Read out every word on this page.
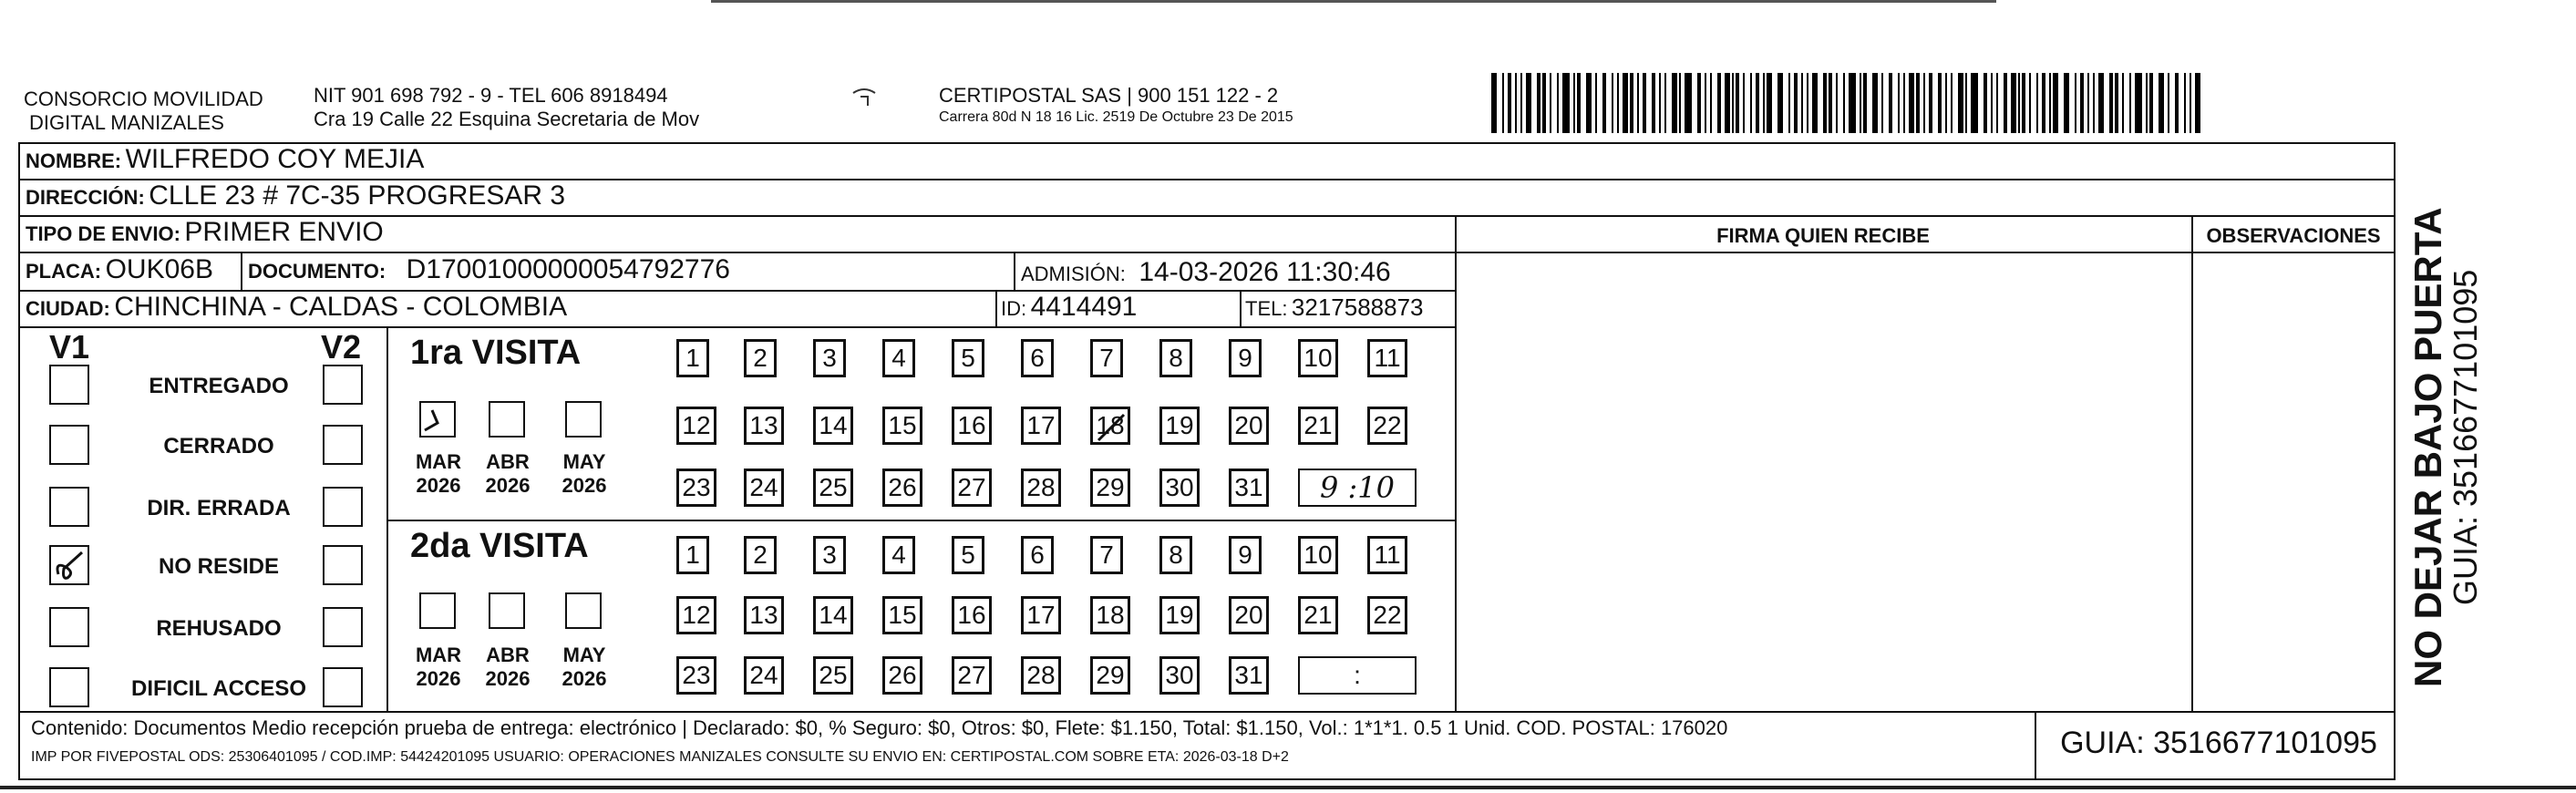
CONSORCIO MOVILIDAD
DIGITAL MANIZALES
NIT 901 698 792 - 9 - TEL 606 8918494
Cra 19 Calle 22 Esquina Secretaria de Mov
CERTIPOSTAL SAS | 900 151 122 - 2
Carrera 80d N 18 16 Lic. 2519 De Octubre 23 De 2015
NOMBRE: WILFREDO COY MEJIA
DIRECCIÓN: CLLE 23 # 7C-35 PROGRESAR 3
TIPO DE ENVIO: PRIMER ENVIO
PLACA: OUK06B DOCUMENTO: D17001000000054792776	ADMISIÓN: 14-03-2026 11:30:46
CIUDAD: CHINCHINA - CALDAS - COLOMBIA	ID: 4414491	TEL: 3217588873
FIRMA QUIEN RECIBE	OBSERVACIONES
V1	V2
ENTREGADO
CERRADO
DIR. ERRADA
NO RESIDE
REHUSADO
DIFICIL ACCESO
1ra VISITA
2da VISITA
MAR
2026
ABR
2026
MAY
2026
1	2	3	4	5	6	7	8	9	10 11
12 13 14 15 16 17 18 19 20 21 22
23 24 25 26 27 28 29 30 31	9 :10
MAR
2026
ABR
2026
MAY
2026
1	2	3	4	5	6	7	8	9	10 11
12 13 14 15 16 17 18 19 20 21 22
23 24 25 26 27 28 29 30 31	:
Contenido: Documentos Medio recepción prueba de entrega: electrónico | Declarado: $0, % Seguro: $0, Otros: $0, Flete: $1.150, Total: $1.150, Vol.: 1*1*1. 0.5 1 Unid. COD. POSTAL: 176020
IMP POR FIVEPOSTAL ODS: 25306401095 / COD.IMP: 54424201095 USUARIO: OPERACIONES MANIZALES CONSULTE SU ENVIO EN: CERTIPOSTAL.COM SOBRE ETA: 2026-03-18 D+2	GUIA: 3516677101095
NO DEJAR BAJO PUERTA
GUIA: 3516677101095
